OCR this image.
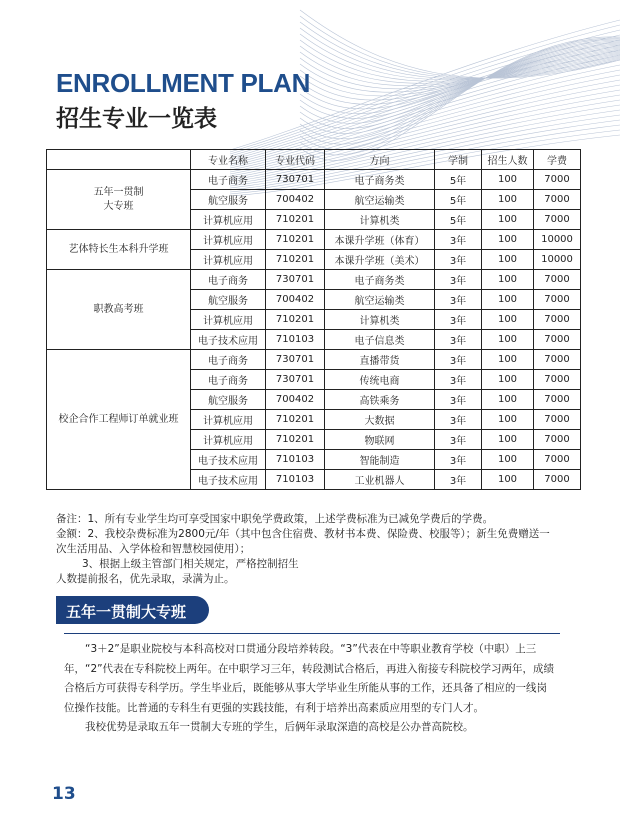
ENROLLMENT PLAN
招生专业一览表
	专业名称	专业代码	方向	学制	招生人数	学费
五年一贯制
大专班	电子商务	730701	电子商务类	5年	100	7000
	航空服务	700402	航空运输类	5年	100	7000
	计算机应用	710201	计算机类	5年	100	7000
艺体特长生本科升学班	计算机应用	710201	本课升学班（体育）	3年	100	10000
	计算机应用	710201	本课升学班（美术）	3年	100	10000
职教高考班	电子商务	730701	电子商务类	3年	100	7000
	航空服务	700402	航空运输类	3年	100	7000
	计算机应用	710201	计算机类	3年	100	7000
	电子技术应用	710103	电子信息类	3年	100	7000
校企合作工程师订单就业班	电子商务	730701	直播带货	3年	100	7000
	电子商务	730701	传统电商	3年	100	7000
	航空服务	700402	高铁乘务	3年	100	7000
	计算机应用	710201	大数据	3年	100	7000
	计算机应用	710201	物联网	3年	100	7000
	电子技术应用	710103	智能制造	3年	100	7000
	电子技术应用	710103	工业机器人	3年	100	7000

备注：1、所有专业学生均可享受国家中职免学费政策，上述学费标准为已减免学费后的学费。

金额：2、我校杂费标准为2800元/年（其中包含住宿费、教材书本费、保险费、校服等）；新生免费赠送一次生活用品、入学体检和智慧校园使用）；

3、根据上级主管部门相关规定，严格控制招生

人数提前报名，优先录取，录满为止。

五年一贯制大专班

“3＋2”是职业院校与本科高校对口贯通分段培养转段。“3”代表在中等职业教育学校（中职）上三年，“2”代表在专科院校上两年。在中职学习三年，转段测试合格后，再进入衔接专科院校学习两年，成绩合格后方可获得专科学历。学生毕业后，既能够从事大学毕业生所能从事的工作，还具备了相应的一线岗位操作技能。比普通的专科生有更强的实践技能，有利于培养出高素质应用型的专门人才。

我校优势是录取五年一贯制大专班的学生，后俩年录取深造的高校是公办普高院校。

13
